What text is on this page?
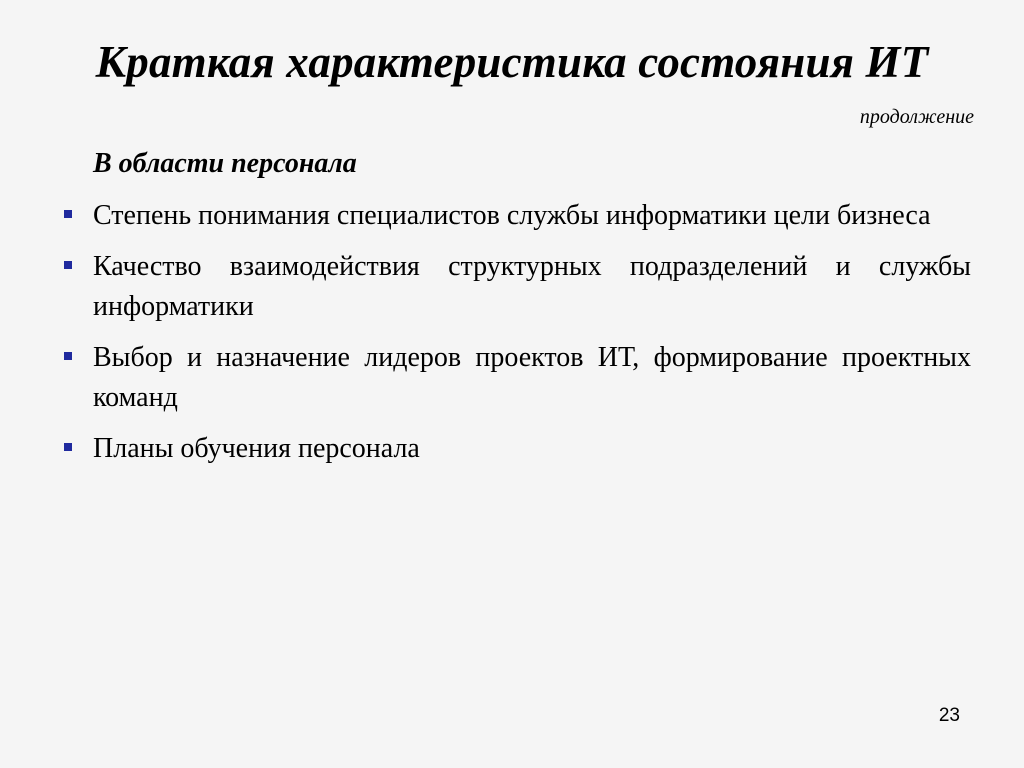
Краткая характеристика состояния ИТ
продолжение
В области персонала
Степень понимания специалистов службы информатики цели бизнеса
Качество взаимодействия структурных подразделений и службы информатики
Выбор и назначение лидеров проектов ИТ, формирование проектных команд
Планы обучения персонала
23
